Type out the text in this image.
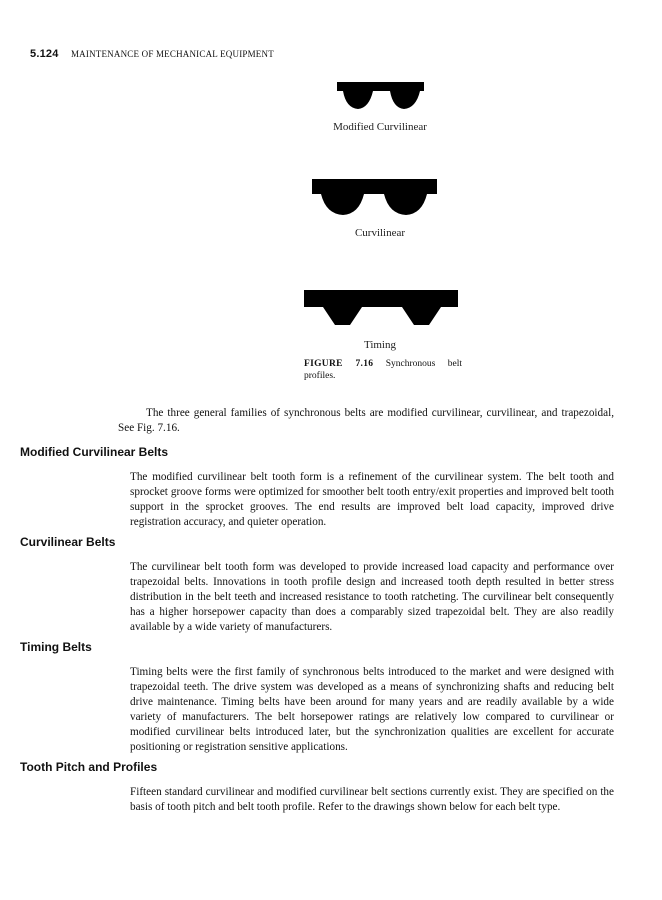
5.124 MAINTENANCE OF MECHANICAL EQUIPMENT
Modified Curvilinear
Curvilinear
Timing
FIGURE 7.16 Synchronous belt profiles.

The three general families of synchronous belts are modified curvilinear, curvilinear, and trapezoidal, See Fig. 7.16.

Modified Curvilinear Belts

The modified curvilinear belt tooth form is a refinement of the curvilinear system. The belt tooth and sprocket groove forms were optimized for smoother belt tooth entry/exit properties and improved belt tooth support in the sprocket grooves. The end results are improved belt load capacity, improved drive registration accuracy, and quieter operation.

Curvilinear Belts

The curvilinear belt tooth form was developed to provide increased load capacity and performance over trapezoidal belts. Innovations in tooth profile design and increased tooth depth resulted in better stress distribution in the belt teeth and increased resistance to tooth ratcheting. The curvilinear belt consequently has a higher horsepower capacity than does a comparably sized trapezoidal belt. They are also readily available by a wide variety of manufacturers.

Timing Belts

Timing belts were the first family of synchronous belts introduced to the market and were designed with trapezoidal teeth. The drive system was developed as a means of synchronizing shafts and reducing belt drive maintenance. Timing belts have been around for many years and are readily available by a wide variety of manufacturers. The belt horsepower ratings are relatively low compared to curvilinear or modified curvilinear belts introduced later, but the synchronization qualities are excellent for accurate positioning or registration sensitive applications.

Tooth Pitch and Profiles

Fifteen standard curvilinear and modified curvilinear belt sections currently exist. They are specified on the basis of tooth pitch and belt tooth profile. Refer to the drawings shown below for each belt type.
